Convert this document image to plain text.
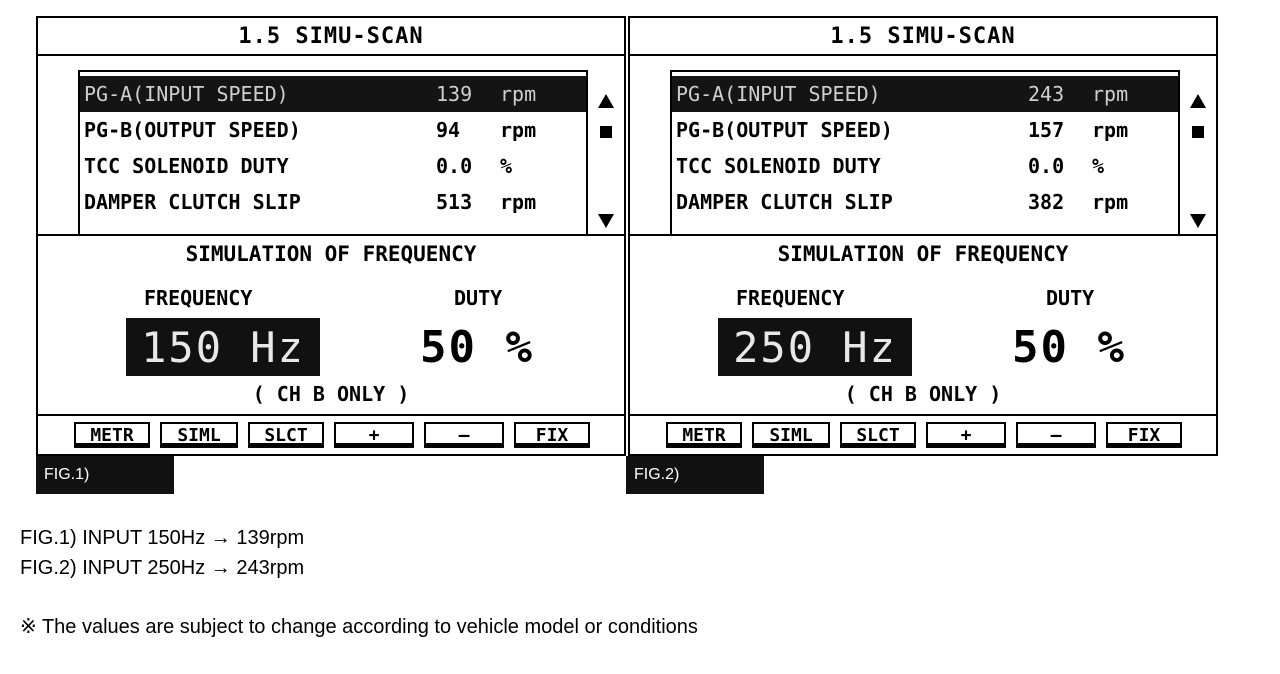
1.5 SIMU-SCAN
PG-A(INPUT SPEED)	139	rpm
PG-B(OUTPUT SPEED)	94	rpm
TCC SOLENOID DUTY	0.0	%
DAMPER CLUTCH SLIP	513	rpm
SIMULATION OF FREQUENCY
FREQUENCY	DUTY
150 Hz	50 %
( CH B ONLY )
METR	SIML	SLCT	+	—	FIX
FIG.1)
1.5 SIMU-SCAN
PG-A(INPUT SPEED)	243	rpm
PG-B(OUTPUT SPEED)	157	rpm
TCC SOLENOID DUTY	0.0	%
DAMPER CLUTCH SLIP	382	rpm
SIMULATION OF FREQUENCY
FREQUENCY	DUTY
250 Hz	50 %
( CH B ONLY )
METR	SIML	SLCT	+	—	FIX
FIG.2)
FIG.1) INPUT 150Hz → 139rpm
FIG.2) INPUT 250Hz → 243rpm
※ The values are subject to change according to vehicle model or conditions
